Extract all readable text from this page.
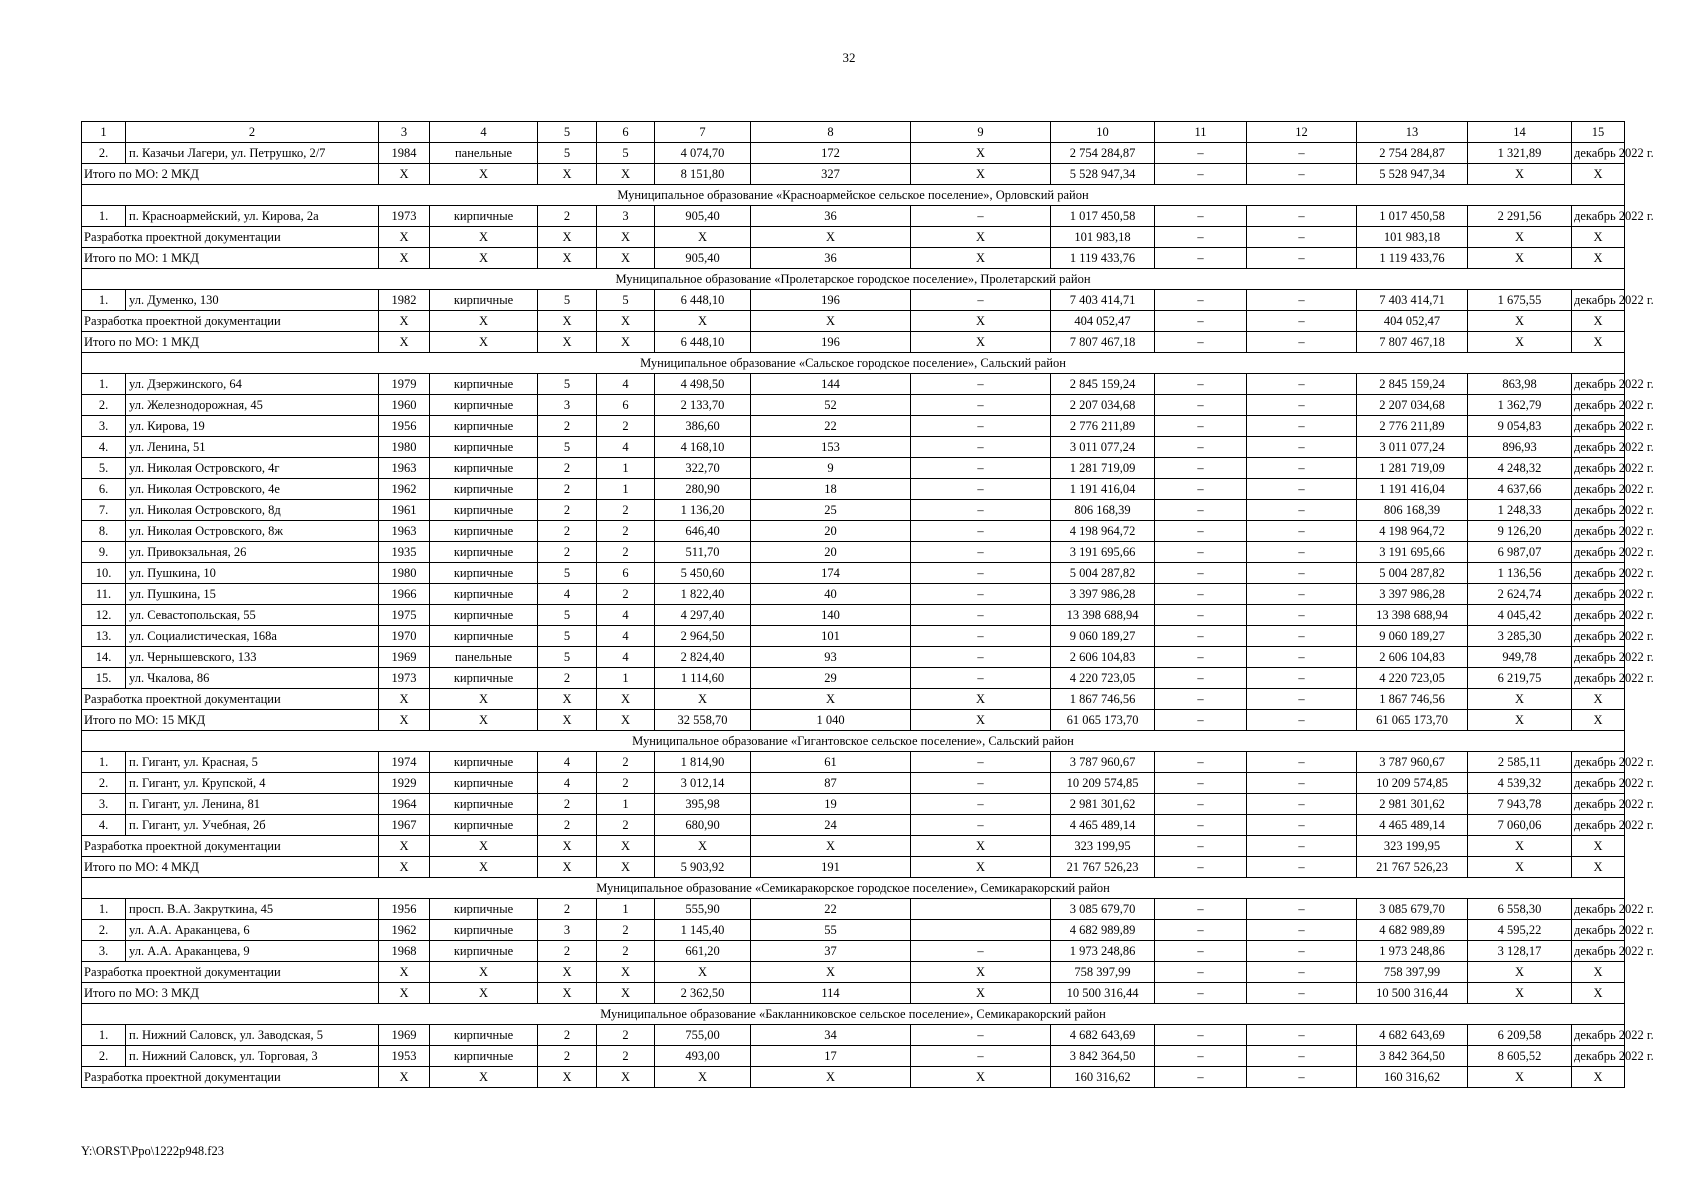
32
1	2	3	4	5	6	7	8	9	10	11	12	13	14	15
2.	п. Казачьи Лагери, ул. Петрушко, 2/7	1984	панельные	5	5	4 074,70	172	Х	2 754 284,87	–	–	2 754 284,87	1 321,89	декабрь 2022 г.
Итого по МО: 2 МКД		Х	Х	Х	Х	8 151,80	327	Х	5 528 947,34	–	–	5 528 947,34	Х	Х
Муниципальное образование «Красноармейское сельское поселение», Орловский район														
1.	п. Красноармейский, ул. Кирова, 2а	1973	кирпичные	2	3	905,40	36	–	1 017 450,58	–	–	1 017 450,58	2 291,56	декабрь 2022 г.
Разработка проектной документации		Х	Х	Х	Х	Х	Х	Х	101 983,18	–	–	101 983,18	Х	Х
Итого по МО: 1 МКД		Х	Х	Х	Х	905,40	36	Х	1 119 433,76	–	–	1 119 433,76	Х	Х
Муниципальное образование «Пролетарское городское поселение», Пролетарский район														
1.	ул. Думенко, 130	1982	кирпичные	5	5	6 448,10	196	–	7 403 414,71	–	–	7 403 414,71	1 675,55	декабрь 2022 г.
Разработка проектной документации		Х	Х	Х	Х	Х	Х	Х	404 052,47	–	–	404 052,47	Х	Х
Итого по МО: 1 МКД		Х	Х	Х	Х	6 448,10	196	Х	7 807 467,18	–	–	7 807 467,18	Х	Х
Муниципальное образование «Сальское городское поселение», Сальский район														
1.	ул. Дзержинского, 64	1979	кирпичные	5	4	4 498,50	144	–	2 845 159,24	–	–	2 845 159,24	863,98	декабрь 2022 г.
2.	ул. Железнодорожная, 45	1960	кирпичные	3	6	2 133,70	52	–	2 207 034,68	–	–	2 207 034,68	1 362,79	декабрь 2022 г.
3.	ул. Кирова, 19	1956	кирпичные	2	2	386,60	22	–	2 776 211,89	–	–	2 776 211,89	9 054,83	декабрь 2022 г.
4.	ул. Ленина, 51	1980	кирпичные	5	4	4 168,10	153	–	3 011 077,24	–	–	3 011 077,24	896,93	декабрь 2022 г.
5.	ул. Николая Островского, 4г	1963	кирпичные	2	1	322,70	9	–	1 281 719,09	–	–	1 281 719,09	4 248,32	декабрь 2022 г.
6.	ул. Николая Островского, 4е	1962	кирпичные	2	1	280,90	18	–	1 191 416,04	–	–	1 191 416,04	4 637,66	декабрь 2022 г.
7.	ул. Николая Островского, 8д	1961	кирпичные	2	2	1 136,20	25	–	806 168,39	–	–	806 168,39	1 248,33	декабрь 2022 г.
8.	ул. Николая Островского, 8ж	1963	кирпичные	2	2	646,40	20	–	4 198 964,72	–	–	4 198 964,72	9 126,20	декабрь 2022 г.
9.	ул. Привокзальная, 26	1935	кирпичные	2	2	511,70	20	–	3 191 695,66	–	–	3 191 695,66	6 987,07	декабрь 2022 г.
10.	ул. Пушкина, 10	1980	кирпичные	5	6	5 450,60	174	–	5 004 287,82	–	–	5 004 287,82	1 136,56	декабрь 2022 г.
11.	ул. Пушкина, 15	1966	кирпичные	4	2	1 822,40	40	–	3 397 986,28	–	–	3 397 986,28	2 624,74	декабрь 2022 г.
12.	ул. Севастопольская, 55	1975	кирпичные	5	4	4 297,40	140	–	13 398 688,94	–	–	13 398 688,94	4 045,42	декабрь 2022 г.
13.	ул. Социалистическая, 168а	1970	кирпичные	5	4	2 964,50	101	–	9 060 189,27	–	–	9 060 189,27	3 285,30	декабрь 2022 г.
14.	ул. Чернышевского, 133	1969	панельные	5	4	2 824,40	93	–	2 606 104,83	–	–	2 606 104,83	949,78	декабрь 2022 г.
15.	ул. Чкалова, 86	1973	кирпичные	2	1	1 114,60	29	–	4 220 723,05	–	–	4 220 723,05	6 219,75	декабрь 2022 г.
Разработка проектной документации		Х	Х	Х	Х	Х	Х	Х	1 867 746,56	–	–	1 867 746,56	Х	Х
Итого по МО: 15 МКД		Х	Х	Х	Х	32 558,70	1 040	Х	61 065 173,70	–	–	61 065 173,70	Х	Х
Муниципальное образование «Гигантовское сельское поселение», Сальский район														
1.	п. Гигант, ул. Красная, 5	1974	кирпичные	4	2	1 814,90	61	–	3 787 960,67	–	–	3 787 960,67	2 585,11	декабрь 2022 г.
2.	п. Гигант, ул. Крупской, 4	1929	кирпичные	4	2	3 012,14	87	–	10 209 574,85	–	–	10 209 574,85	4 539,32	декабрь 2022 г.
3.	п. Гигант, ул. Ленина, 81	1964	кирпичные	2	1	395,98	19	–	2 981 301,62	–	–	2 981 301,62	7 943,78	декабрь 2022 г.
4.	п. Гигант, ул. Учебная, 2б	1967	кирпичные	2	2	680,90	24	–	4 465 489,14	–	–	4 465 489,14	7 060,06	декабрь 2022 г.
Разработка проектной документации		Х	Х	Х	Х	Х	Х	Х	323 199,95	–	–	323 199,95	Х	Х
Итого по МО: 4 МКД		Х	Х	Х	Х	5 903,92	191	Х	21 767 526,23	–	–	21 767 526,23	Х	Х
Муниципальное образование «Семикаракорское городское поселение», Семикаракорский район														
1.	просп. В.А. Закруткина, 45	1956	кирпичные	2	1	555,90	22		3 085 679,70	–	–	3 085 679,70	6 558,30	декабрь 2022 г.
2.	ул. А.А. Араканцева, 6	1962	кирпичные	3	2	1 145,40	55		4 682 989,89	–	–	4 682 989,89	4 595,22	декабрь 2022 г.
3.	ул. А.А. Араканцева, 9	1968	кирпичные	2	2	661,20	37	–	1 973 248,86	–	–	1 973 248,86	3 128,17	декабрь 2022 г.
Разработка проектной документации		Х	Х	Х	Х	Х	Х	Х	758 397,99	–	–	758 397,99	Х	Х
Итого по МО: 3 МКД		Х	Х	Х	Х	2 362,50	114	Х	10 500 316,44	–	–	10 500 316,44	Х	Х
Муниципальное образование «Бакланниковское сельское поселение», Семикаракорский район														
1.	п. Нижний Саловск, ул. Заводская, 5	1969	кирпичные	2	2	755,00	34	–	4 682 643,69	–	–	4 682 643,69	6 209,58	декабрь 2022 г.
2.	п. Нижний Саловск, ул. Торговая, 3	1953	кирпичные	2	2	493,00	17	–	3 842 364,50	–	–	3 842 364,50	8 605,52	декабрь 2022 г.
Разработка проектной документации		Х	Х	Х	Х	Х	Х	Х	160 316,62	–	–	160 316,62	Х	Х
Y:\ORST\Ppo\1222p948.f23
